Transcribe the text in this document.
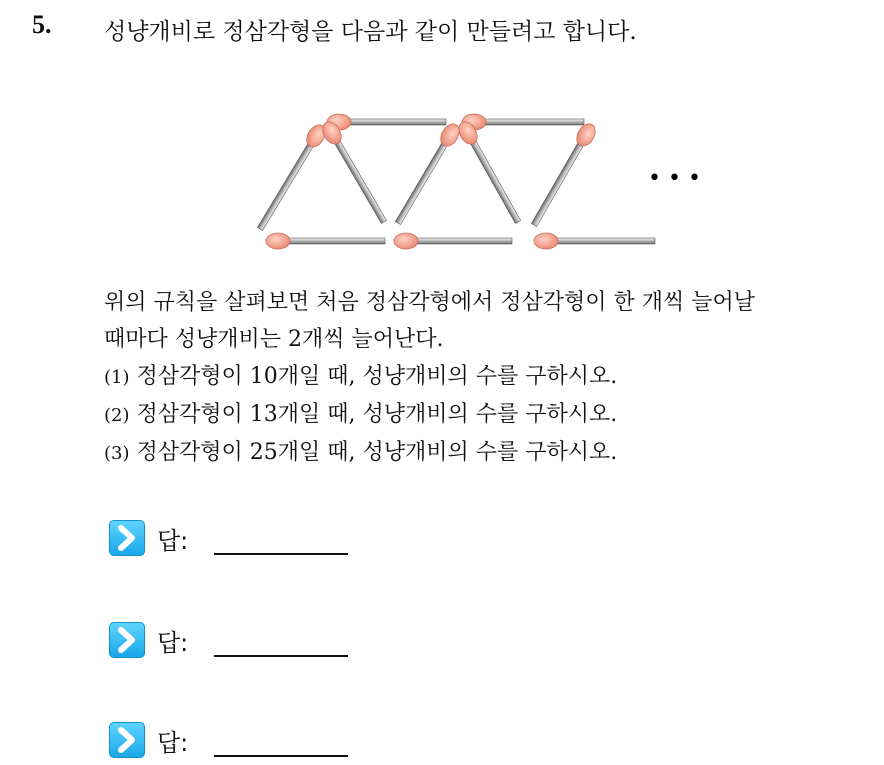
5. 성냥개비로 정삼각형을 다음과 같이 만들려고 합니다.
• • •
위의 규칙을 살펴보면 처음 정삼각형에서 정삼각형이 한 개씩 늘어날
때마다 성냥개비는 2개씩 늘어난다.
(1) 정삼각형이 10개일 때, 성냥개비의 수를 구하시오.
(2) 정삼각형이 13개일 때, 성냥개비의 수를 구하시오.
(3) 정삼각형이 25개일 때, 성냥개비의 수를 구하시오.
답:
답:
답:
